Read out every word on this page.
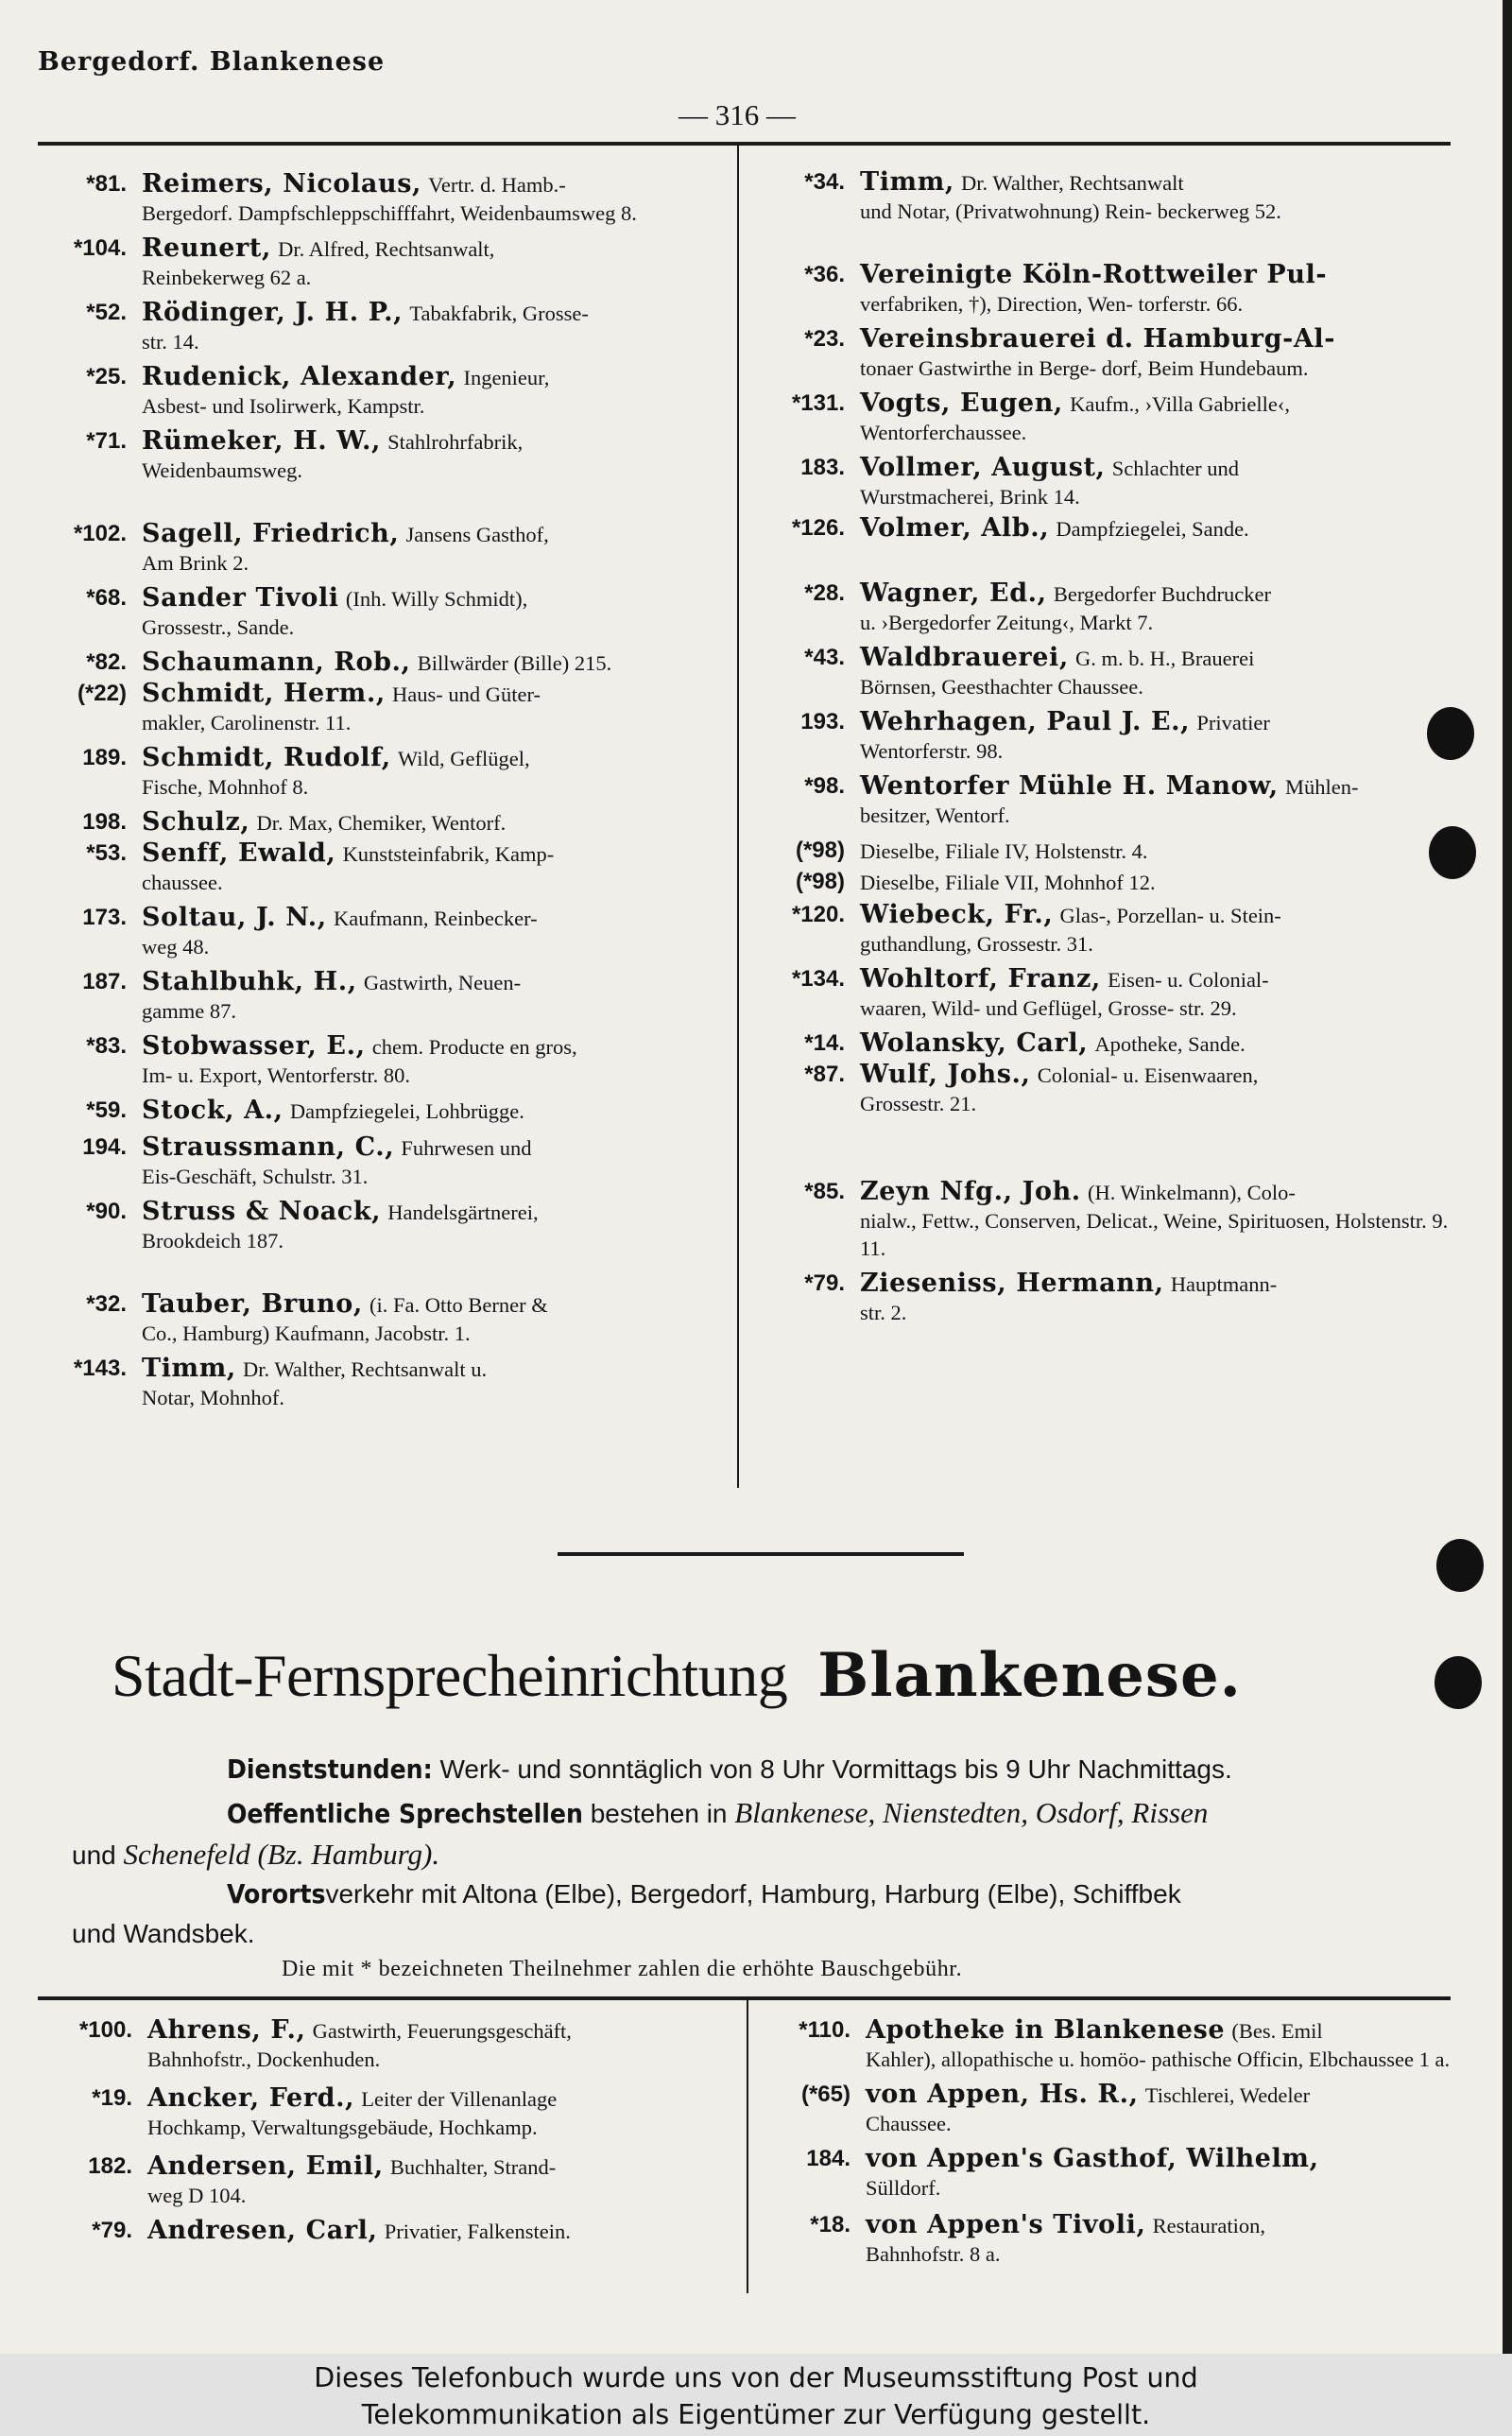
Bergedorf. Blankenese
— 316 —
*81. Reimers, Nicolaus, Vertr. d. Hamb.-
Bergedorf. Dampfschleppschifffahrt, Weidenbaumsweg 8.
*104. Reunert, Dr. Alfred, Rechtsanwalt,
Reinbekerweg 62 a.
*52. Rödinger, J. H. P., Tabakfabrik, Grosse-
str. 14.
*25. Rudenick, Alexander, Ingenieur,
Asbest- und Isolirwerk, Kampstr.
*71. Rümeker, H. W., Stahlrohrfabrik,
Weidenbaumsweg.
*102. Sagell, Friedrich, Jansens Gasthof,
Am Brink 2.
*68. Sander Tivoli (Inh. Willy Schmidt),
Grossestr., Sande.
*82. Schaumann, Rob., Billwärder (Bille) 215.
(*22) Schmidt, Herm., Haus- und Güter-
makler, Carolinenstr. 11.
189. Schmidt, Rudolf, Wild, Geflügel,
Fische, Mohnhof 8.
198. Schulz, Dr. Max, Chemiker, Wentorf.
*53. Senff, Ewald, Kunststeinfabrik, Kamp-
chaussee.
173. Soltau, J. N., Kaufmann, Reinbecker-
weg 48.
187. Stahlbuhk, H., Gastwirth, Neuen-
gamme 87.
*83. Stobwasser, E., chem. Producte en gros,
Im- u. Export, Wentorferstr. 80.
*59. Stock, A., Dampfziegelei, Lohbrügge.
194. Straussmann, C., Fuhrwesen und
Eis-Geschäft, Schulstr. 31.
*90. Struss & Noack, Handelsgärtnerei,
Brookdeich 187.
*32. Tauber, Bruno, (i. Fa. Otto Berner &
Co., Hamburg) Kaufmann, Jacobstr. 1.
*143. Timm, Dr. Walther, Rechtsanwalt u.
Notar, Mohnhof.
*34. Timm, Dr. Walther, Rechtsanwalt
und Notar, (Privatwohnung) Rein- beckerweg 52.
*36. Vereinigte Köln-Rottweiler Pul-
verfabriken, †), Direction, Wen- torferstr. 66.
*23. Vereinsbrauerei d. Hamburg-Al-
tonaer Gastwirthe in Berge- dorf, Beim Hundebaum.
*131. Vogts, Eugen, Kaufm., ›Villa Gabrielle‹,
Wentorferchaussee.
183. Vollmer, August, Schlachter und
Wurstmacherei, Brink 14.
*126. Volmer, Alb., Dampfziegelei, Sande.
*28. Wagner, Ed., Bergedorfer Buchdrucker
u. ›Bergedorfer Zeitung‹, Markt 7.
*43. Waldbrauerei, G. m. b. H., Brauerei
Börnsen, Geesthachter Chaussee.
193. Wehrhagen, Paul J. E., Privatier
Wentorferstr. 98.
*98. Wentorfer Mühle H. Manow, Mühlen-
besitzer, Wentorf.
(*98) Dieselbe, Filiale IV, Holstenstr. 4.
(*98) Dieselbe, Filiale VII, Mohnhof 12.
*120. Wiebeck, Fr., Glas-, Porzellan- u. Stein-
guthandlung, Grossestr. 31.
*134. Wohltorf, Franz, Eisen- u. Colonial-
waaren, Wild- und Geflügel, Grosse- str. 29.
*14. Wolansky, Carl, Apotheke, Sande.
*87. Wulf, Johs., Colonial- u. Eisenwaaren,
Grossestr. 21.
*85. Zeyn Nfg., Joh. (H. Winkelmann), Colo-
nialw., Fettw., Conserven, Delicat., Weine, Spirituosen, Holstenstr. 9. 11.
*79. Zieseniss, Hermann, Hauptmann-
str. 2.
Stadt-Fernsprecheinrichtung Blankenese.
Dienststunden: Werk- und sonntäglich von 8 Uhr Vormittags bis 9 Uhr Nachmittags.
Oeffentliche Sprechstellen bestehen in Blankenese, Nienstedten, Osdorf, Rissen
und Schenefeld (Bz. Hamburg).
Vorortsverkehr mit Altona (Elbe), Bergedorf, Hamburg, Harburg (Elbe), Schiffbek
und Wandsbek.
Die mit * bezeichneten Theilnehmer zahlen die erhöhte Bauschgebühr.
*100. Ahrens, F., Gastwirth, Feuerungsgeschäft,
Bahnhofstr., Dockenhuden.
*19. Ancker, Ferd., Leiter der Villenanlage
Hochkamp, Verwaltungsgebäude, Hochkamp.
182. Andersen, Emil, Buchhalter, Strand-
weg D 104.
*79. Andresen, Carl, Privatier, Falkenstein.
*110. Apotheke in Blankenese (Bes. Emil
Kahler), allopathische u. homöo- pathische Officin, Elbchaussee 1 a.
(*65) von Appen, Hs. R., Tischlerei, Wedeler
Chaussee.
184. von Appen's Gasthof, Wilhelm,
Sülldorf.
*18. von Appen's Tivoli, Restauration,
Bahnhofstr. 8 a.
Dieses Telefonbuch wurde uns von der Museumsstiftung Post und
Telekommunikation als Eigentümer zur Verfügung gestellt.
